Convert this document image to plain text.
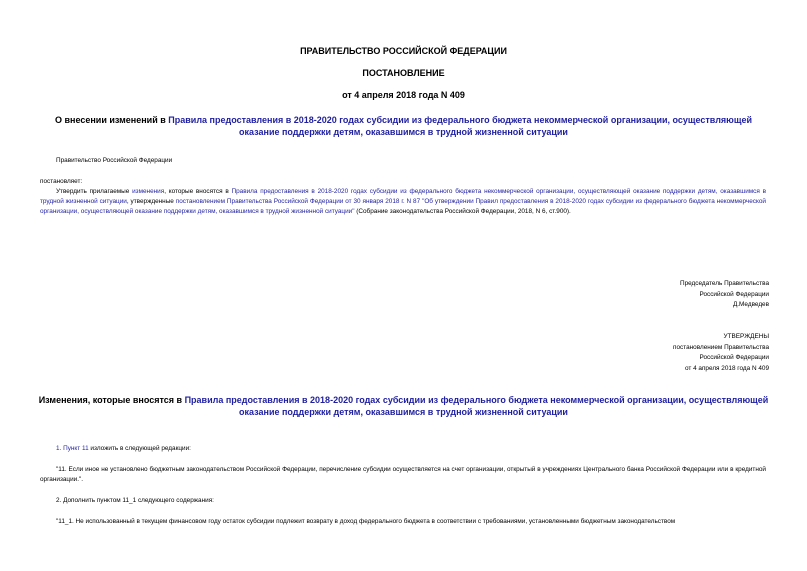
ПРАВИТЕЛЬСТВО РОССИЙСКОЙ ФЕДЕРАЦИИ
ПОСТАНОВЛЕНИЕ
от 4 апреля 2018 года N 409
О внесении изменений в Правила предоставления в 2018-2020 годах субсидии из федерального бюджета некоммерческой организации, осуществляющей
оказание поддержки детям, оказавшимся в трудной жизненной ситуации
Правительство Российской Федерации
постановляет:
Утвердить прилагаемые изменения, которые вносятся в Правила предоставления в 2018-2020 годах субсидии из федерального бюджета некоммерческой организации, осуществляющей оказание поддержки детям, оказавшимся в трудной жизненной ситуации, утвержденные постановлением Правительства Российской Федерации от 30 января 2018 г. N 87 "Об утверждении Правил предоставления в 2018-2020 годах субсидии из федерального бюджета некоммерческой организации, осуществляющей оказание поддержки детям, оказавшимся в трудной жизненной ситуации" (Собрание законодательства Российской Федерации, 2018, N 6, ст.900).
Председатель Правительства
Российской Федерации
Д.Медведев
УТВЕРЖДЕНЫ
постановлением Правительства
Российской Федерации
от 4 апреля 2018 года N 409
Изменения, которые вносятся в Правила предоставления в 2018-2020 годах субсидии из федерального бюджета некоммерческой организации, осуществляющей
оказание поддержки детям, оказавшимся в трудной жизненной ситуации
1. Пункт 11 изложить в следующей редакции:
"11. Если иное не установлено бюджетным законодательством Российской Федерации, перечисление субсидии осуществляется на счет организации, открытый в учреждениях Центрального банка Российской Федерации или в кредитной организации.".
2. Дополнить пунктом 11_1 следующего содержания:
"11_1. Не использованный в текущем финансовом году остаток субсидии подлежит возврату в доход федерального бюджета в соответствии с требованиями, установленными бюджетным законодательством
